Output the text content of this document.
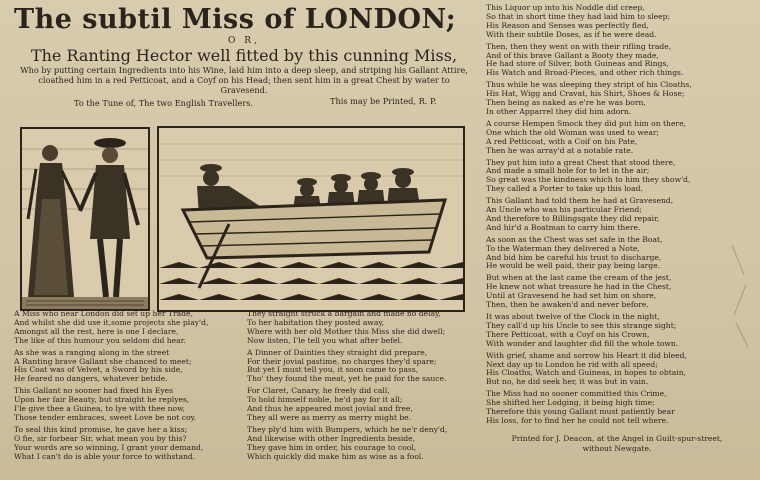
The subtil Miss of LONDON;
O R,
The Ranting Hector well fitted by this cunning Miss,
Who by putting certain Ingredients into his Wine, laid him into a deep sleep, and striping his Gallant Attire, cloathed him in a red Petticoat, and a Coyf on his Head; then sent him in a great Chest by water to Gravesend.
To the Tune of, The two English Travellers.	This may be Printed, R. P.

A Miss who near London did set up her Trade,

And whilst she did use it,some projects she play'd,

Amongst all the rest, here is one I declare,

The like of this humour you seldom did hear.

As she was a ranging along in the street

A Ranting brave Gallant she chanced to meet;

His Coat was of Velvet, a Sword by his side,

He feared no dangers, whatever betide.

This Gallant no sooner had fixed his Eyes

Upon her fair Beauty, but straight he replyes,

I'le give thee a Guinea, to lye with thee now,

Those tender embraces, sweet Love be not coy.

To seal this kind promise, he gave her a kiss;

O fie, sir forbear Sir, what mean you by this?

Your words are so winning, I grant your demand,

What I can't do is able your force to withstand.

They straight struck a bargain and made no delay,

To her habitation they posted away,

Where with her old Mother this Miss she did dwell;

Now listen, I'le tell you what after befel.

A Dinner of Dainties they straight did prepare,

For their jovial pastime, no charges they'd spare;

But yet I must tell you, it soon came to pass,

Tho' they found the meat, yet he paid for the sauce.

For Claret, Canary, he freely did call,

To hold himself noble, he'd pay for it all;

And thus he appeared most jovial and free,

They all were as merry as merry might be.

They ply'd him with Bumpers, which he ne'r deny'd,

And likewise with other Ingredients beside,

They gave him in order, his courage to cool,

Which quickly did make him as wise as a fool.

This Liquor up into his Noddle did creep,

So that in short time they had laid him to sleep;

His Reason and Senses was perfectly fled,

With their subtile Doses, as if he were dead.

Then, then they went on with their rifling trade,

And of this brave Gallant a Booty they made,

He had store of Silver, both Guineas and Rings,

His Watch and Broad-Pieces, and other rich things.

Thus while he was sleeping they stript of his Cloaths,

His Hat, Wigg and Cravat, his Shirt, Shoes & Hose;

Then being as naked as e're he was born,

In other Apparrel they did him adorn.

A course Hempen Smock they did put him on there,

One which the old Woman was used to wear;

A red Petticoat, with a Coif on his Pate,

Then he was array'd at a notable rate.

They put him into a great Chest that stood there,

And made a small hole for to let in the air;

So great was the kindness which to him they show'd,

They called a Porter to take up this load.

This Gallant had told them he had at Gravesend,

An Uncle who was his particular Friend;

And therefore to Billingsgate they did repair,

And hir'd a Boatman to carry him there.

As soon as the Chest was set safe in the Boat,

To the Waterman they delivered a Note,

And bid him be careful his trust to discharge,

He would be well paid, their pay being large.

But when at the last came the cream of the jest,

He knew not what treasure he had in the Chest,

Until at Gravesend he had set him on shore,

Then, then he awaken'd and never before.

It was about twelve of the Clock in the night,

They call'd up his Uncle to see this strange sight;

There Petticoat, with a Coyf on his Crown,

With wonder and laughter did fill the whole town.

With grief, shame and sorrow his Heart it did bleed,

Next day up to London he rid with all speed;

His Cloaths, Watch and Guineas, in hopes to obtain,

But no, he did seek her, it was but in vain.

The Miss had no sooner committed this Crime,

She shifted her Lodging, it being high time;

Therefore this young Gallant must patiently bear

His loss, for to find her he could not tell where.

Printed for J. Deacon, at the Angel in Guilt-spur-street,
without Newgate.
